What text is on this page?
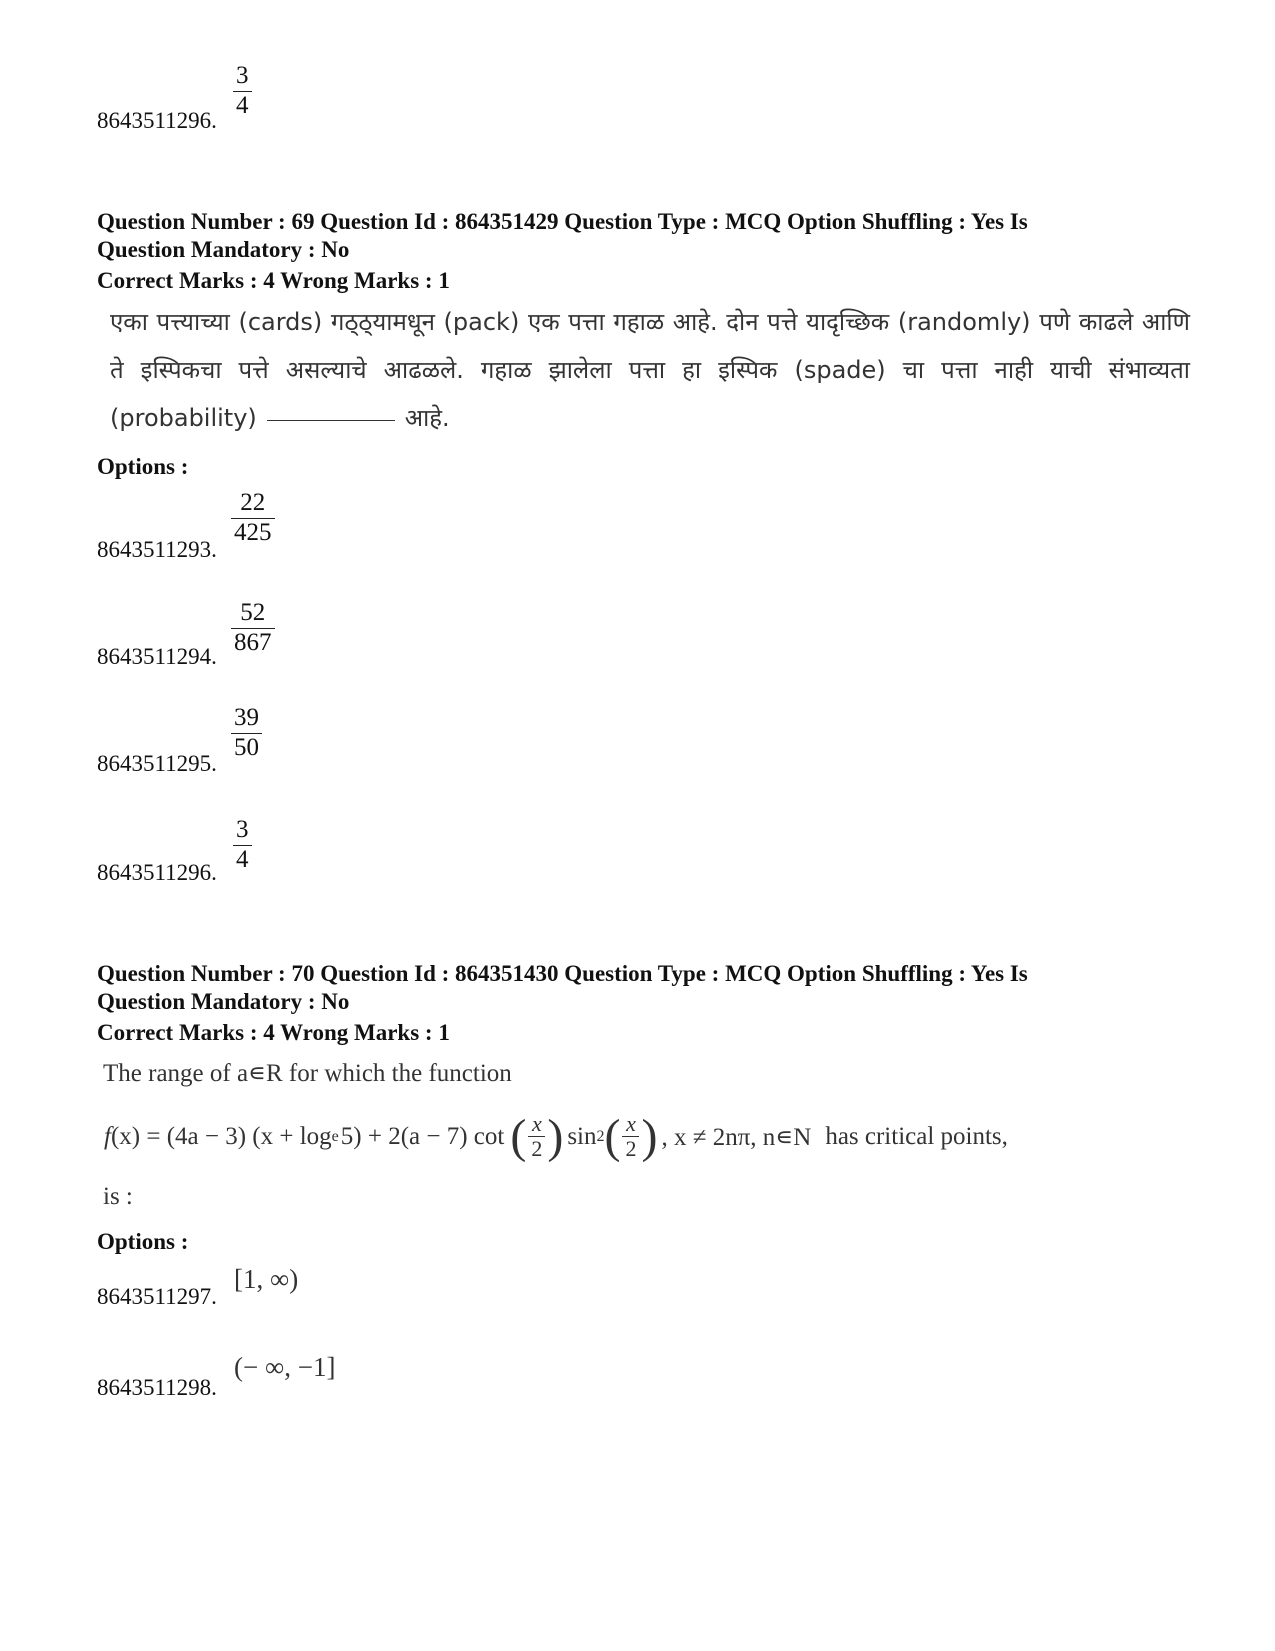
8643511296. $\frac{3}{4}$
Question Number : 69 Question Id : 864351429 Question Type : MCQ Option Shuffling : Yes Is
Question Mandatory : No
Correct Marks : 4 Wrong Marks : 1
एका पत्त्याच्या (cards) गठ्ठ्यामधून (pack) एक पत्ता गहाळ आहे. दोन पत्ते यादृच्छिक (randomly) पणे काढले आणि ते इस्पिकचा पत्ते असल्याचे आढळले. गहाळ झालेला पत्ता हा इस्पिक (spade) चा पत्ता नाही याची संभाव्यता (probability)	आहे.
Options :
8643511293.
$\frac{22}{425}$
8643511294. $\frac{52}{867}$
8643511295.
$\frac{39}{50}$
8643511296. $\frac{3}{4}$
Question Number : 70 Question Id : 864351430 Question Type : MCQ Option Shuffling : Yes Is
Question Mandatory : No
Correct Marks : 4 Wrong Marks : 1
The range of a∊R for which the function
f (x) = (4a − 3) (x + log e 5) + 2(a − 7) cot ( $\frac{x}{2}$ ) sin 2 ( $\frac{x}{2}$ ) , x ≠ 2nπ, n∊N has critical points,
is :
Options :
8643511297.
[1, ∞)
8643511298.
(− ∞, −1]
